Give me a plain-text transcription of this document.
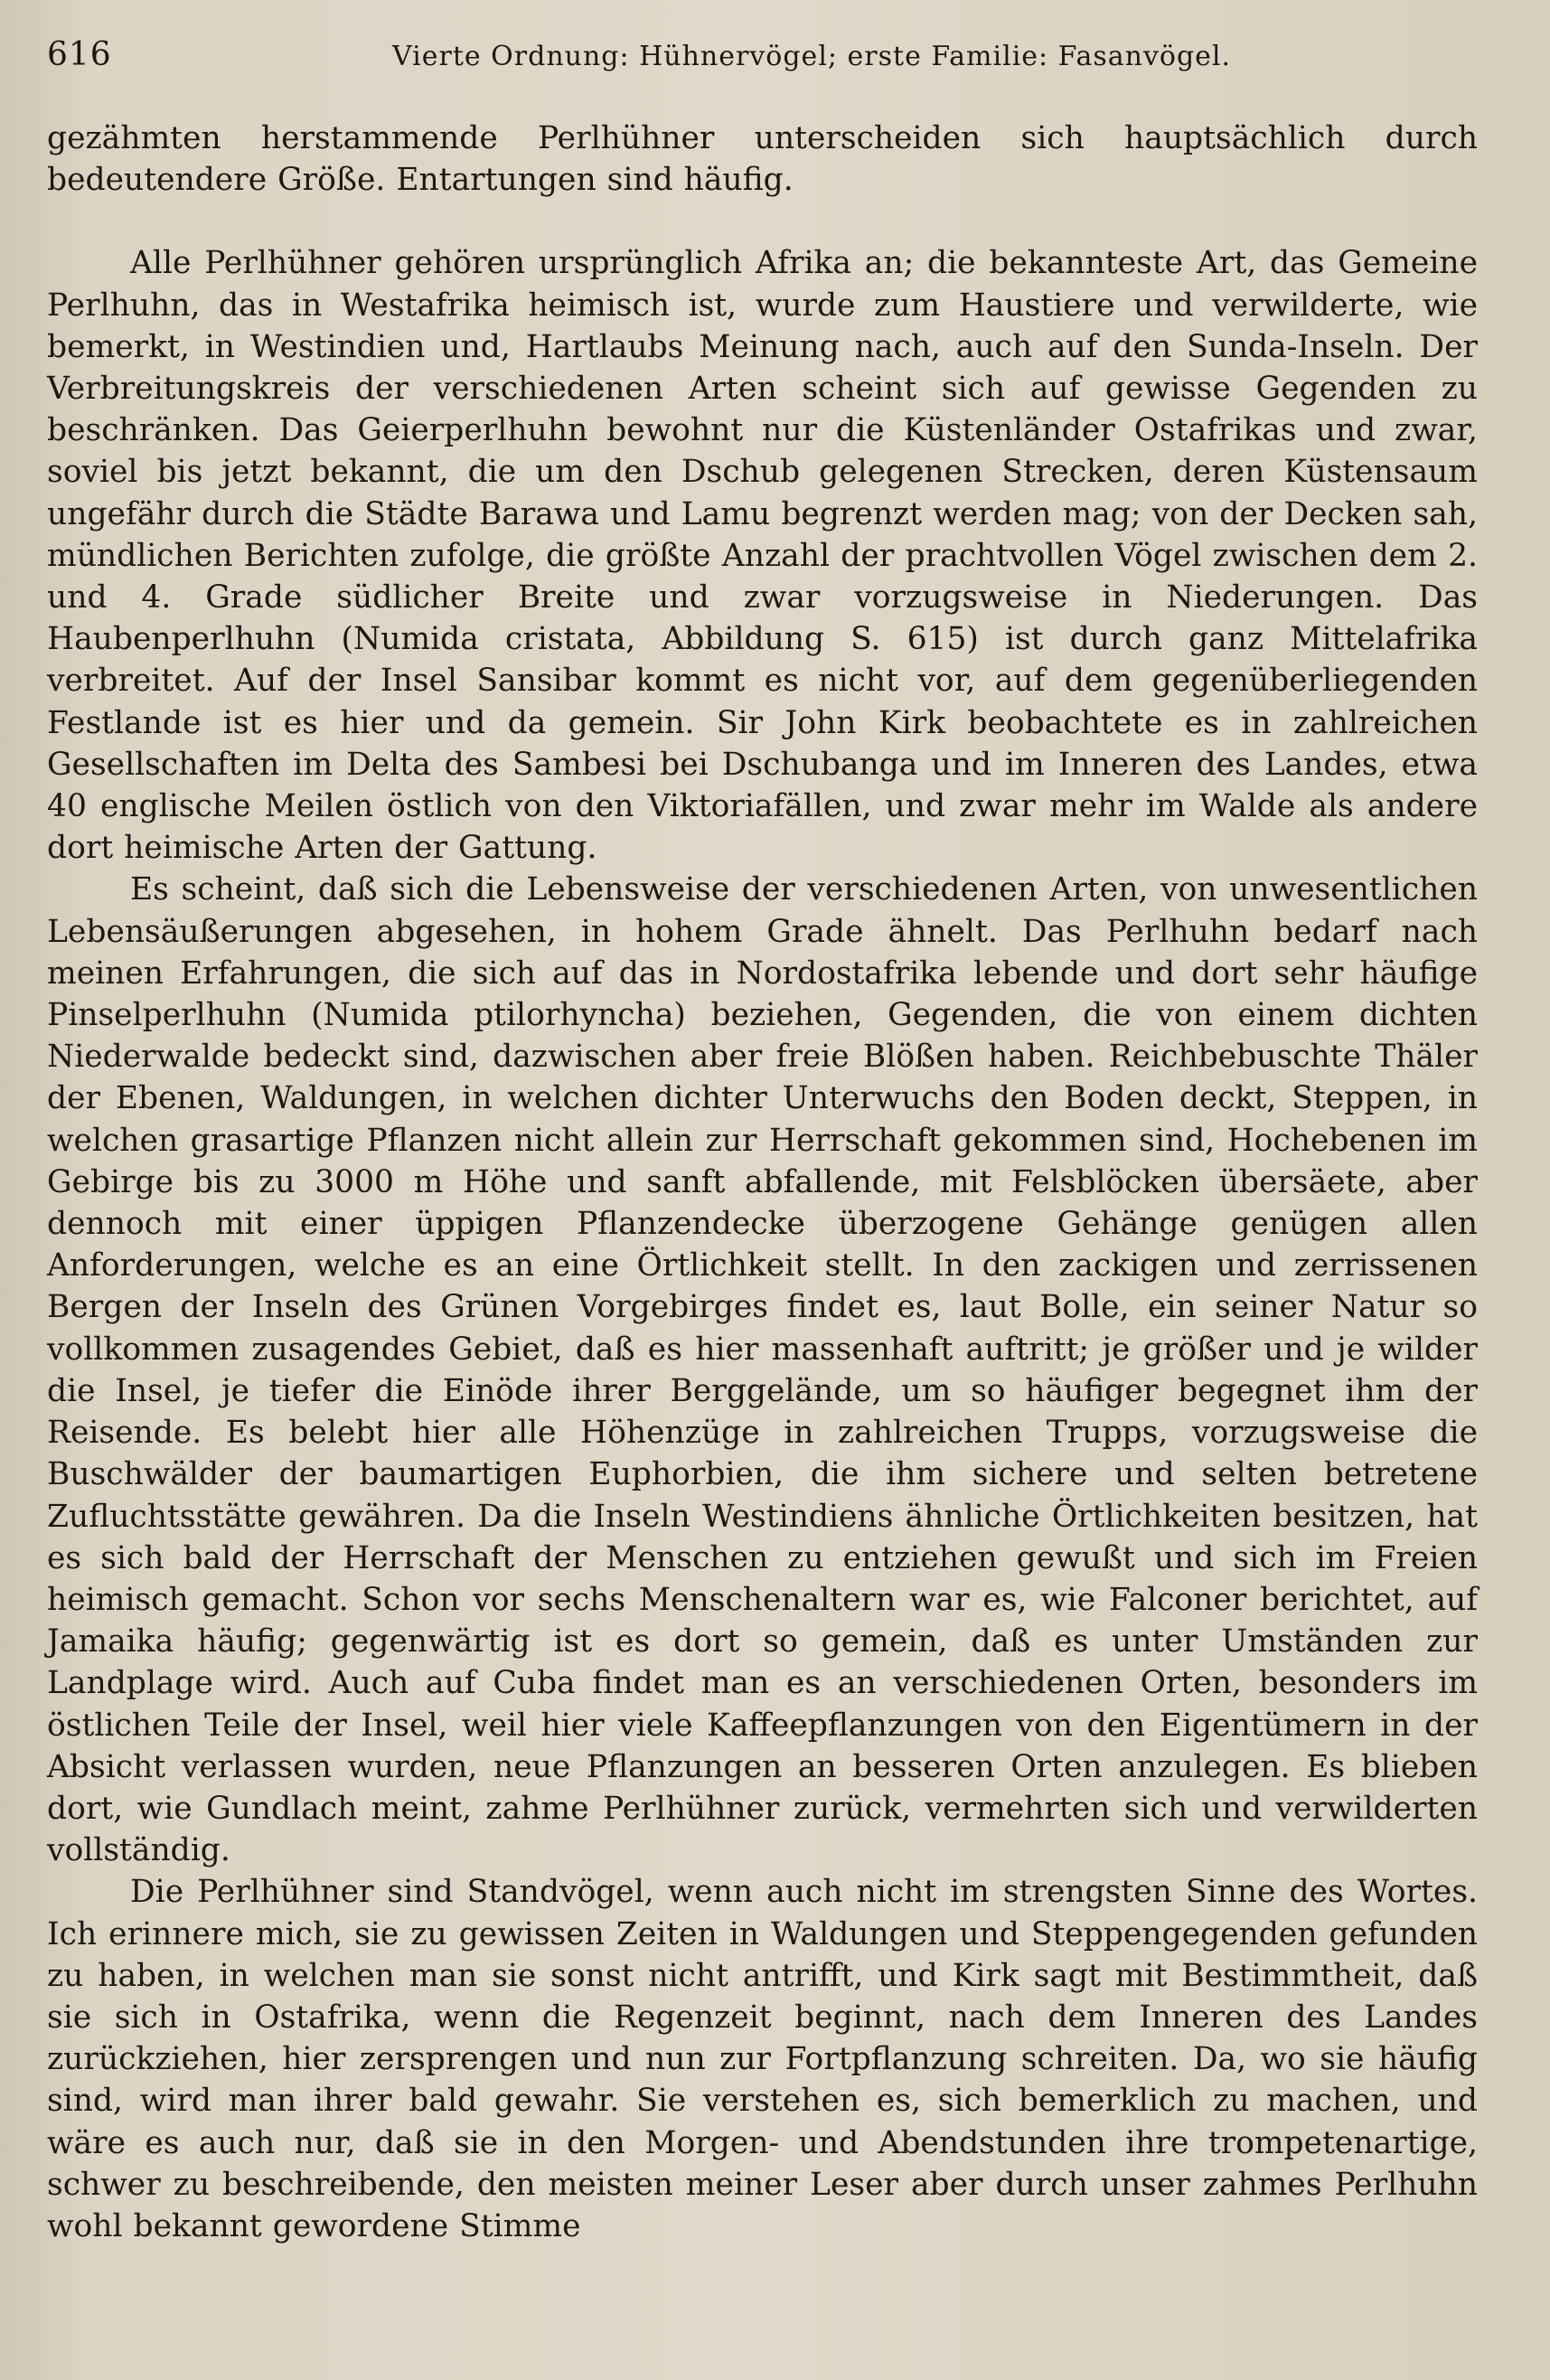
616	Vierte Ordnung: Hühnervögel; erste Familie: Fasanvögel.

gezähmten herstammende Perlhühner unterscheiden sich hauptsächlich durch bedeutendere Größe. Entartungen sind häufig.

Alle Perlhühner gehören ursprünglich Afrika an; die bekannteste Art, das Gemeine Perlhuhn, das in Westafrika heimisch ist, wurde zum Haustiere und verwilderte, wie bemerkt, in Westindien und, Hartlaubs Meinung nach, auch auf den Sunda-Inseln. Der Verbreitungskreis der verschiedenen Arten scheint sich auf gewisse Gegenden zu beschränken. Das Geierperlhuhn bewohnt nur die Küstenländer Ostafrikas und zwar, soviel bis jetzt bekannt, die um den Dschub gelegenen Strecken, deren Küstensaum ungefähr durch die Städte Barawa und Lamu begrenzt werden mag; von der Decken sah, mündlichen Berichten zufolge, die größte Anzahl der prachtvollen Vögel zwischen dem 2. und 4. Grade südlicher Breite und zwar vorzugsweise in Niederungen. Das Haubenperlhuhn (Numida cristata, Abbildung S. 615) ist durch ganz Mittelafrika verbreitet. Auf der Insel Sansibar kommt es nicht vor, auf dem gegenüberliegenden Festlande ist es hier und da gemein. Sir John Kirk beobachtete es in zahlreichen Gesellschaften im Delta des Sambesi bei Dschubanga und im Inneren des Landes, etwa 40 englische Meilen östlich von den Viktoriafällen, und zwar mehr im Walde als andere dort heimische Arten der Gattung.

Es scheint, daß sich die Lebensweise der verschiedenen Arten, von unwesentlichen Lebensäußerungen abgesehen, in hohem Grade ähnelt. Das Perlhuhn bedarf nach meinen Erfahrungen, die sich auf das in Nordostafrika lebende und dort sehr häufige Pinselperlhuhn (Numida ptilorhyncha) beziehen, Gegenden, die von einem dichten Niederwalde bedeckt sind, dazwischen aber freie Blößen haben. Reichbebuschte Thäler der Ebenen, Waldungen, in welchen dichter Unterwuchs den Boden deckt, Steppen, in welchen grasartige Pflanzen nicht allein zur Herrschaft gekommen sind, Hochebenen im Gebirge bis zu 3000 m Höhe und sanft abfallende, mit Felsblöcken übersäete, aber dennoch mit einer üppigen Pflanzendecke überzogene Gehänge genügen allen Anforderungen, welche es an eine Örtlichkeit stellt. In den zackigen und zerrissenen Bergen der Inseln des Grünen Vorgebirges findet es, laut Bolle, ein seiner Natur so vollkommen zusagendes Gebiet, daß es hier massenhaft auftritt; je größer und je wilder die Insel, je tiefer die Einöde ihrer Berggelände, um so häufiger begegnet ihm der Reisende. Es belebt hier alle Höhenzüge in zahlreichen Trupps, vorzugsweise die Buschwälder der baumartigen Euphorbien, die ihm sichere und selten betretene Zufluchtsstätte gewähren. Da die Inseln Westindiens ähnliche Örtlichkeiten besitzen, hat es sich bald der Herrschaft der Menschen zu entziehen gewußt und sich im Freien heimisch gemacht. Schon vor sechs Menschenaltern war es, wie Falconer berichtet, auf Jamaika häufig; gegenwärtig ist es dort so gemein, daß es unter Umständen zur Landplage wird. Auch auf Cuba findet man es an verschiedenen Orten, besonders im östlichen Teile der Insel, weil hier viele Kaffeepflanzungen von den Eigentümern in der Absicht verlassen wurden, neue Pflanzungen an besseren Orten anzulegen. Es blieben dort, wie Gundlach meint, zahme Perlhühner zurück, vermehrten sich und verwilderten vollständig.

Die Perlhühner sind Standvögel, wenn auch nicht im strengsten Sinne des Wortes. Ich erinnere mich, sie zu gewissen Zeiten in Waldungen und Steppengegenden gefunden zu haben, in welchen man sie sonst nicht antrifft, und Kirk sagt mit Bestimmtheit, daß sie sich in Ostafrika, wenn die Regenzeit beginnt, nach dem Inneren des Landes zurückziehen, hier zersprengen und nun zur Fortpflanzung schreiten. Da, wo sie häufig sind, wird man ihrer bald gewahr. Sie verstehen es, sich bemerklich zu machen, und wäre es auch nur, daß sie in den Morgen- und Abendstunden ihre trompetenartige, schwer zu beschreibende, den meisten meiner Leser aber durch unser zahmes Perlhuhn wohl bekannt gewordene Stimme
